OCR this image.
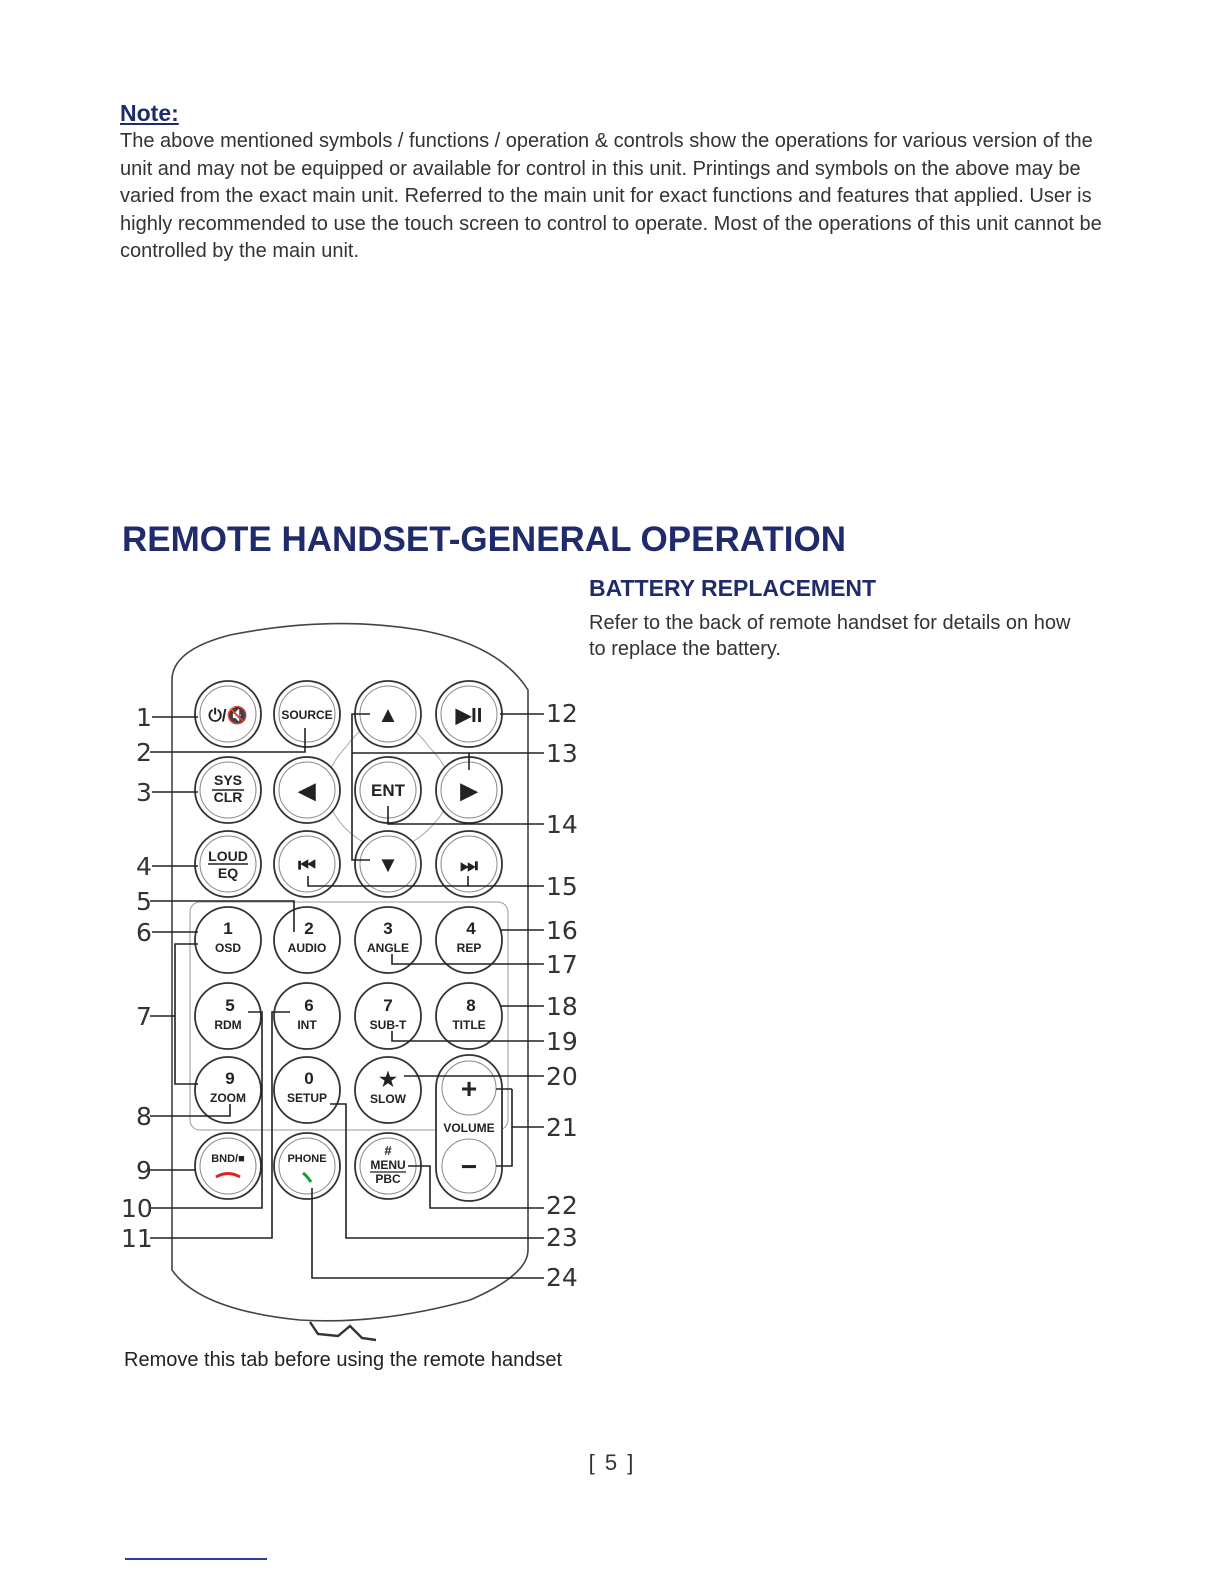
Note:

The above mentioned symbols / functions / operation & controls show the operations for various version of the unit and may not be equipped or available for control in this unit. Printings and symbols on the above may be varied from the exact main unit. Referred to the main unit for exact functions and features that applied. User is highly recommended to use the touch screen to control to operate. Most of the operations of this unit cannot be controlled by the main unit.

REMOTE HANDSET-GENERAL OPERATION
BATTERY REPLACEMENT

Refer to the back of remote handset for details on how to replace the battery.

⏻/🔇	SOURCE ▲	▶II
SYS
CLR	◀	ENT	▶
LOUD
EQ	⏮	▼	⏭
1
OSD
2
AUDIO
3
ANGLE
4
REP
5
RDM
6
INT
7
SUB-T
8
TITLE
9
ZOOM
0
SETUP
★
SLOW +
VOLUME
−
BND/■	PHONE
#
MENU
PBC
1
2
3
4
5
6
7
8
9
10
11
12
13
14
15
16
17
18
19
20
21
22
23
24

Remove this tab before using the remote handset

[ 5 ]
